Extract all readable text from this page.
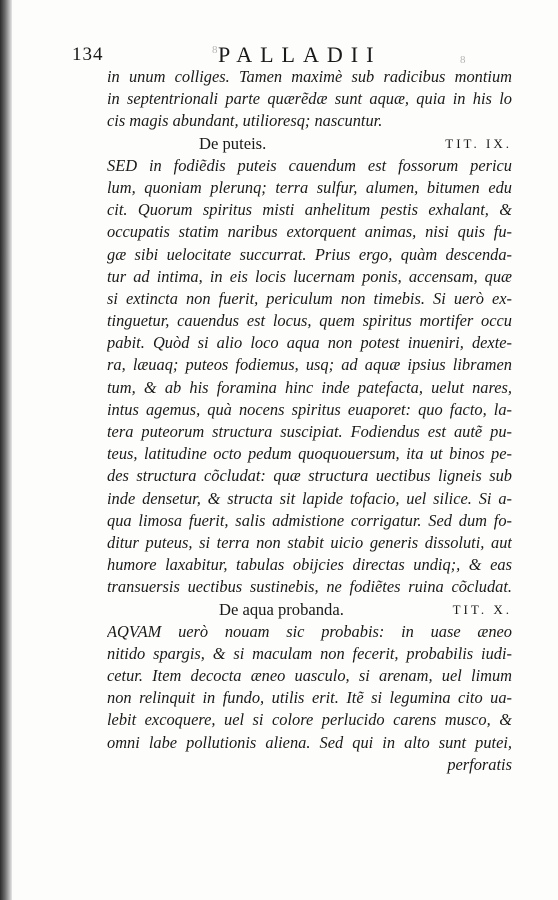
134	8 PALLADII	8
in unum colliges. Tamen maximè sub radicibus montium
in septentrionali parte quærẽdæ sunt aquæ, quia in his lo
cis magis abundant, utilioresq; nascuntur.
De puteis.	TIT. IX.
SED in fodiẽdis puteis cauendum est fossorum pericu
lum, quoniam plerunq; terra sulfur, alumen, bitumen edu
cit. Quorum spiritus misti anhelitum pestis exhalant, &
occupatis statim naribus extorquent animas, nisi quis fu-
gæ sibi uelocitate succurrat. Prius ergo, quàm descenda-
tur ad intima, in eis locis lucernam ponis, accensam, quæ
si extincta non fuerit, periculum non timebis. Si uerò ex-
tinguetur, cauendus est locus, quem spiritus mortifer occu
pabit. Quòd si alio loco aqua non potest inueniri, dexte-
ra, læuaq; puteos fodiemus, usq; ad aquæ ipsius libramen
tum, & ab his foramina hinc inde patefacta, uelut nares,
intus agemus, quà nocens spiritus euaporet: quo facto, la-
tera puteorum structura suscipiat. Fodiendus est autẽ pu-
teus, latitudine octo pedum quoquouersum, ita ut binos pe-
des structura cõcludat: quæ structura uectibus ligneis sub
inde densetur, & structa sit lapide tofacio, uel silice. Si a-
qua limosa fuerit, salis admistione corrigatur. Sed dum fo-
ditur puteus, si terra non stabit uicio generis dissoluti, aut
humore laxabitur, tabulas obijcies directas undiq;, & eas
transuersis uectibus sustinebis, ne fodiẽtes ruina cõcludat.
De aqua probanda.	TIT. X.
AQVAM uerò nouam sic probabis: in uase æneo
nitido spargis, & si maculam non fecerit, probabilis iudi-
cetur. Item decocta æneo uasculo, si arenam, uel limum
non relinquit in fundo, utilis erit. Itẽ si legumina cito ua-
lebit excoquere, uel si colore perlucido carens musco, &
omni labe pollutionis aliena. Sed qui in alto sunt putei,
perforatis
